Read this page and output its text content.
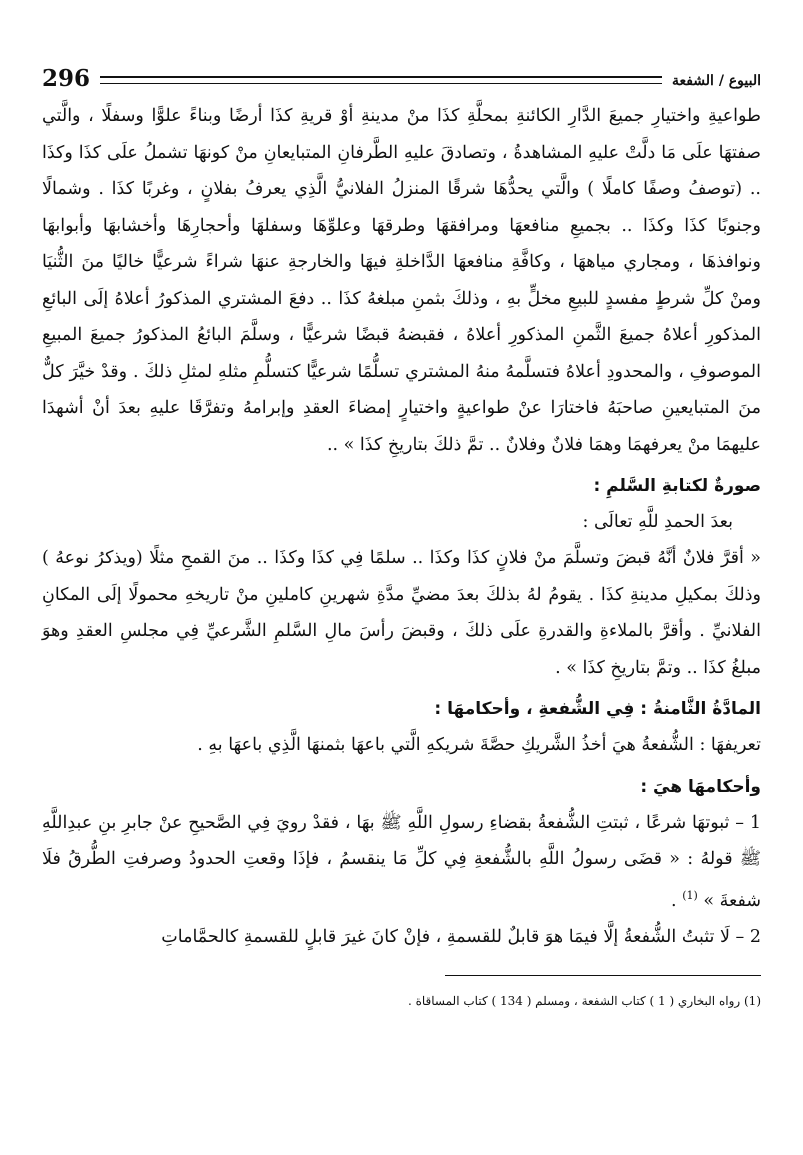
البيوع / الشفعة
296

طواعيةِ واختيارِ جميعَ الدَّارِ الكائنةِ بمحلَّةِ كذَا منْ مدينةِ أوْ قريةِ كذَا أرضًا وبناءً علوًّا وسفلًا ، والَّتي صفتهَا علَى مَا دلَّتْ عليهِ المشاهدةُ ، وتصادقَ عليهِ الطَّرفانِ المتبايعانِ منْ كونهَا تشملُ علَى كذَا وكذَا .. (توصفُ وصفًا كاملًا ) والَّتي يحدُّهَا شرقًا المنزلُ الفلانيُّ الَّذِي يعرفُ بفلانٍ ، وغربًا كذَا . وشمالًا وجنوبًا كذَا وكذَا .. بجميعِ منافعهَا ومرافقهَا وطرقهَا وعلوِّهَا وسفلهَا وأحجارِهَا وأخشابهَا وأبوابهَا ونوافذهَا ، ومجاري مياههَا ، وكافَّةِ منافعهَا الدَّاخلةِ فيهَا والخارجةِ عنهَا شراءً شرعيًّا خاليًا منَ الثُّنيَا ومنْ كلِّ شرطٍ مفسدٍ للبيعِ مخلٍّ بهِ ، وذلكَ بثمنِ مبلغهُ كذَا .. دفعَ المشتري المذكورُ أعلاهُ إلَى البائعِ المذكورِ أعلاهُ جميعَ الثَّمنِ المذكورِ أعلاهُ ، فقبضهُ قبضًا شرعيًّا ، وسلَّمَ البائعُ المذكورُ جميعَ المبيعِ الموصوفِ ، والمحدودِ أعلاهُ فتسلَّمهُ منهُ المشتري تسلُّمًا شرعيًّا كتسلُّمِ مثلهِ لمثلِ ذلكَ . وقدْ خيَّرَ كلٌّ منَ المتبايعينِ صاحبَهُ فاختارَا عنْ طواعيةٍ واختيارٍ إمضاءَ العقدِ وإبرامهُ وتفرَّقَا عليهِ بعدَ أنْ أشهدَا عليهمَا منْ يعرفهمَا وهمَا فلانٌ وفلانٌ .. تمَّ ذلكَ بتاريخِ كذَا » ..

صورةٌ لكتابةِ السَّلمِ :

بعدَ الحمدِ للَّهِ تعالَى :

« أقرَّ فلانٌ أنَّهُ قبضَ وتسلَّمَ منْ فلانٍ كذَا وكذَا .. سلمًا فِي كذَا وكذَا .. منَ القمحِ مثلًا (ويذكرُ نوعهُ ) وذلكَ بمكيلِ مدينةِ كذَا . يقومُ لهُ بذلكَ بعدَ مضيِّ مدَّةِ شهرينِ كاملينِ منْ تاريخهِ محمولًا إلَى المكانِ الفلانيِّ . وأقرَّ بالملاءةِ والقدرةِ علَى ذلكَ ، وقبضَ رأسَ مالِ السَّلمِ الشَّرعيِّ فِي مجلسِ العقدِ وهوَ مبلغُ كذَا .. وتمَّ بتاريخِ كذَا » .

المادَّةُ الثَّامنةُ : فِي الشُّفعةِ ، وأحكامهَا :

تعريفهَا : الشُّفعةُ هيَ أخذُ الشَّريكِ حصَّةَ شريكهِ الَّتي باعهَا بثمنهَا الَّذِي باعهَا بهِ .

وأحكامهَا هيَ :

1 – ثبوتهَا شرعًا ، ثبتتِ الشُّفعةُ بقضاءِ رسولِ اللَّهِ ﷺ بهَا ، فقدْ رويَ فِي الصَّحيحِ عنْ جابرِ بنِ عبدِاللَّهِ ﷺ قولهُ : « قضَى رسولُ اللَّهِ بالشُّفعةِ فِي كلِّ مَا ينقسمُ ، فإذَا وقعتِ الحدودُ وصرفتِ الطُّرقُ فلَا شفعةَ » $^{(1)}$ .

2 – لَا تثبتُ الشُّفعةُ إلَّا فيمَا هوَ قابلٌ للقسمةِ ، فإنْ كانَ غيرَ قابلٍ للقسمةِ كالحمَّاماتِ

(1) رواه البخاري ( 1 ) كتاب الشفعة ، ومسلم ( 134 ) كتاب المساقاة .
